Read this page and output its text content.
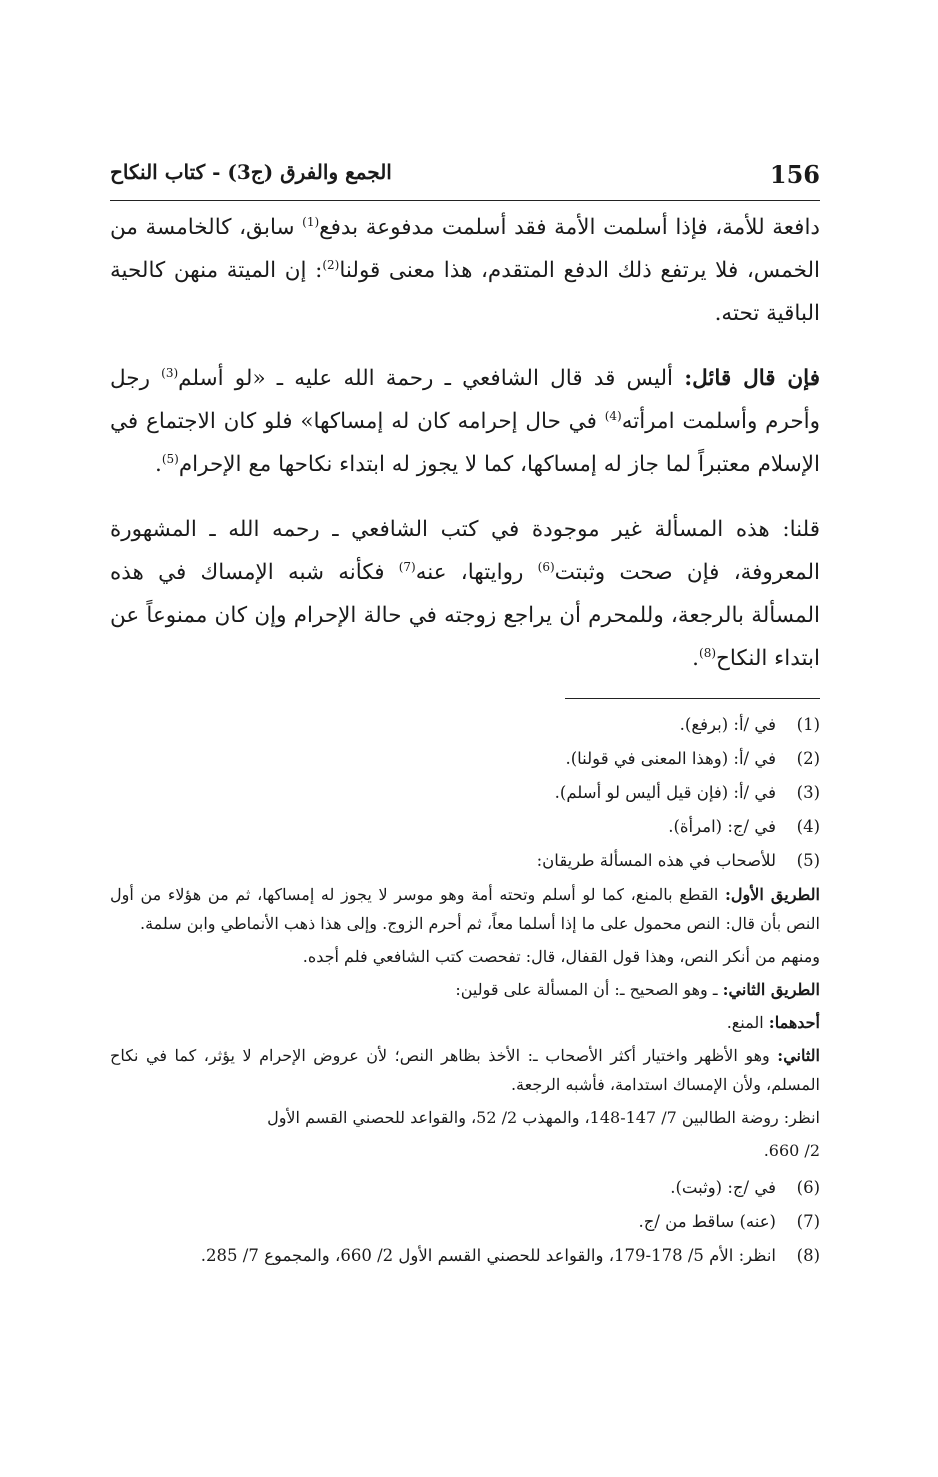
156
الجمع والفرق (ج3) - كتاب النكاح

دافعة للأمة، فإذا أسلمت الأمة فقد أسلمت مدفوعة بدفع$^{(1)}$ سابق، كالخامسة من الخمس، فلا يرتفع ذلك الدفع المتقدم، هذا معنى قولنا$^{(2)}$: إن الميتة منهن كالحية الباقية تحته.

فإن قال قائل: أليس قد قال الشافعي ـ رحمة الله عليه ـ «لو أسلم$^{(3)}$ رجل وأحرم وأسلمت امرأته$^{(4)}$ في حال إحرامه كان له إمساكها» فلو كان الاجتماع في الإسلام معتبراً لما جاز له إمساكها، كما لا يجوز له ابتداء نكاحها مع الإحرام$^{(5)}$.

قلنا: هذه المسألة غير موجودة في كتب الشافعي ـ رحمه الله ـ المشهورة المعروفة، فإن صحت وثبتت$^{(6)}$ روايتها، عنه$^{(7)}$ فكأنه شبه الإمساك في هذه المسألة بالرجعة، وللمحرم أن يراجع زوجته في حالة الإحرام وإن كان ممنوعاً عن ابتداء النكاح$^{(8)}$.

(1)
في /أ: (برفع).
(2)
في /أ: (وهذا المعنى في قولنا).
(3)
في /أ: (فإن قيل أليس لو أسلم).
(4)
في /ج: (امرأة).
(5)
للأصحاب في هذه المسألة طريقان:
الطريق الأول: القطع بالمنع، كما لو أسلم وتحته أمة وهو موسر لا يجوز له إمساكها، ثم من هؤلاء من أول النص بأن قال: النص محمول على ما إذا أسلما معاً، ثم أحرم الزوج. وإلى هذا ذهب الأنماطي وابن سلمة.
ومنهم من أنكر النص، وهذا قول القفال، قال: تفحصت كتب الشافعي فلم أجده.
الطريق الثاني: ـ وهو الصحيح ـ: أن المسألة على قولين:
أحدهما: المنع.
الثاني: وهو الأظهر واختيار أكثر الأصحاب ـ: الأخذ بظاهر النص؛ لأن عروض الإحرام لا يؤثر، كما في نكاح المسلم، ولأن الإمساك استدامة، فأشبه الرجعة.
انظر: روضة الطالبين 7/ 147-148، والمهذب 2/ 52، والقواعد للحصني القسم الأول
2/ 660.
(6)
في /ج: (وثبت).
(7)
(عنه) ساقط من /ج.
(8)
انظر: الأم 5/ 178-179، والقواعد للحصني القسم الأول 2/ 660، والمجموع 7/ 285.
